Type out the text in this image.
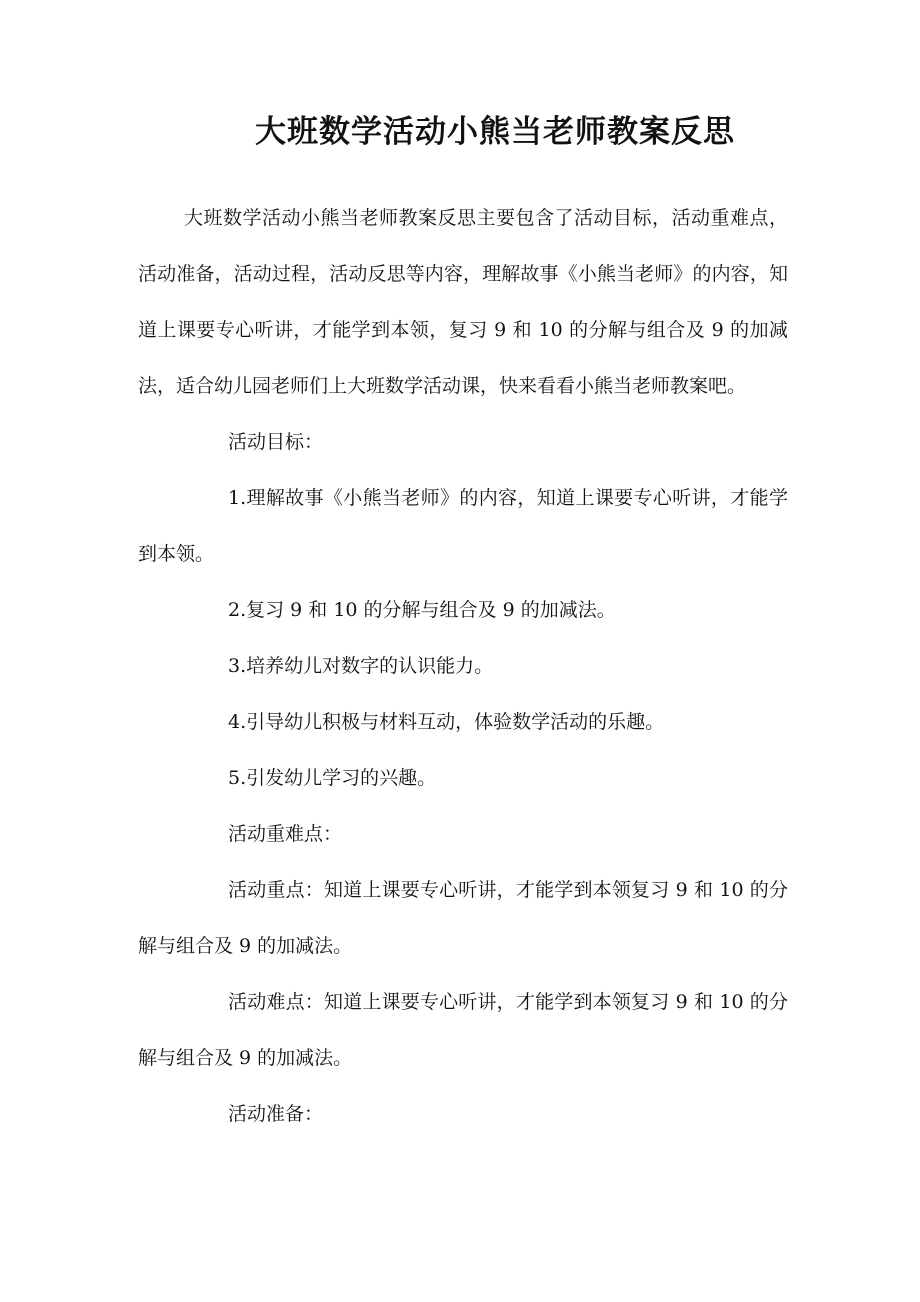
大班数学活动小熊当老师教案反思

大班数学活动小熊当老师教案反思主要包含了活动目标，活动重难点，活动准备，活动过程，活动反思等内容，理解故事《小熊当老师》的内容，知道上课要专心听讲，才能学到本领，复习 9 和 10 的分解与组合及 9 的加减法，适合幼儿园老师们上大班数学活动课，快来看看小熊当老师教案吧。

活动目标：

1.理解故事《小熊当老师》的内容，知道上课要专心听讲，才能学到本领。

2.复习 9 和 10 的分解与组合及 9 的加减法。

3.培养幼儿对数字的认识能力。

4.引导幼儿积极与材料互动，体验数学活动的乐趣。

5.引发幼儿学习的兴趣。

活动重难点：

活动重点：知道上课要专心听讲，才能学到本领复习 9 和 10 的分解与组合及 9 的加减法。

活动难点：知道上课要专心听讲，才能学到本领复习 9 和 10 的分解与组合及 9 的加减法。

活动准备：
